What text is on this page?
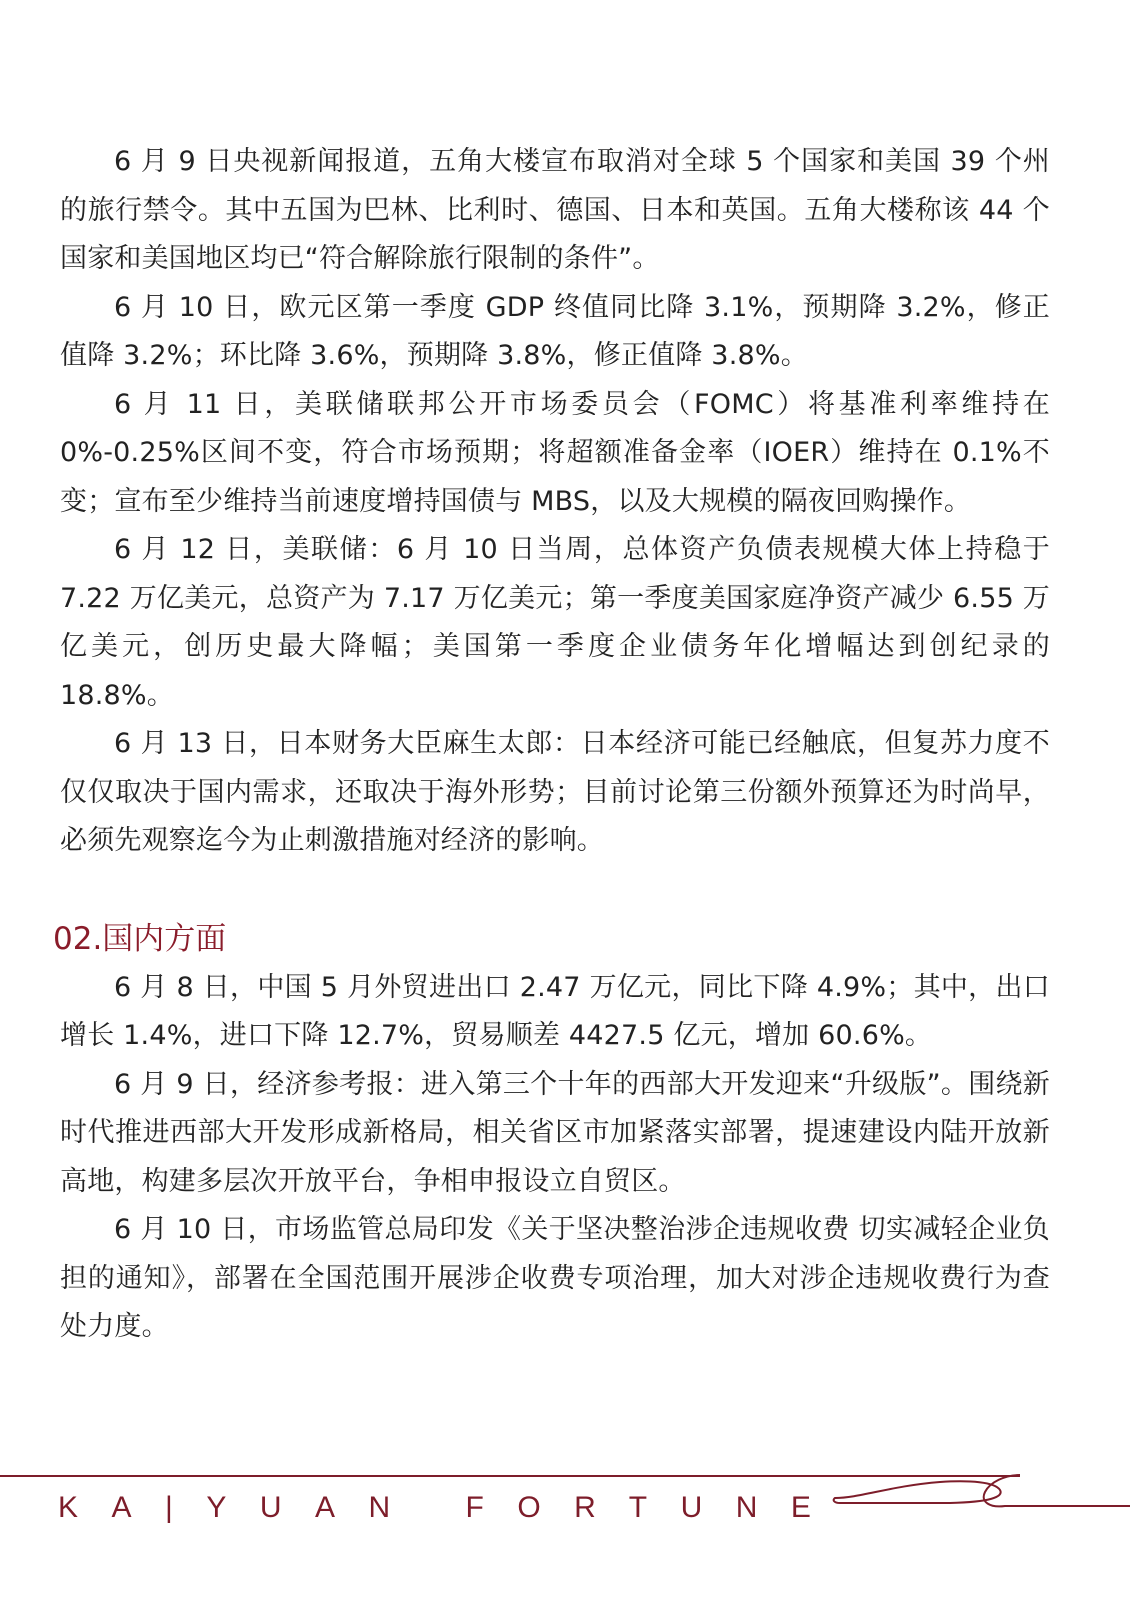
6 月 9 日央视新闻报道，五角大楼宣布取消对全球 5 个国家和美国 39 个州的旅行禁令。其中五国为巴林、比利时、德国、日本和英国。五角大楼称该 44 个国家和美国地区均已“符合解除旅行限制的条件”。

6 月 10 日，欧元区第一季度 GDP 终值同比降 3.1%，预期降 3.2%，修正值降 3.2%；环比降 3.6%，预期降 3.8%，修正值降 3.8%。

6 月 11 日，美联储联邦公开市场委员会（FOMC）将基准利率维持在 0%-0.25%区间不变，符合市场预期；将超额准备金率（IOER）维持在 0.1%不变；宣布至少维持当前速度增持国债与 MBS，以及大规模的隔夜回购操作。

6 月 12 日，美联储：6 月 10 日当周，总体资产负债表规模大体上持稳于 7.22 万亿美元，总资产为 7.17 万亿美元；第一季度美国家庭净资产减少 6.55 万亿美元，创历史最大降幅；美国第一季度企业债务年化增幅达到创纪录的 18.8%。

6 月 13 日，日本财务大臣麻生太郎：日本经济可能已经触底，但复苏力度不仅仅取决于国内需求，还取决于海外形势；目前讨论第三份额外预算还为时尚早，必须先观察迄今为止刺激措施对经济的影响。

02.国内方面

6 月 8 日，中国 5 月外贸进出口 2.47 万亿元，同比下降 4.9%；其中，出口增长 1.4%，进口下降 12.7%，贸易顺差 4427.5 亿元，增加 60.6%。

6 月 9 日，经济参考报：进入第三个十年的西部大开发迎来“升级版”。围绕新时代推进西部大开发形成新格局，相关省区市加紧落实部署，提速建设内陆开放新高地，构建多层次开放平台，争相申报设立自贸区。

6 月 10 日，市场监管总局印发《关于坚决整治涉企违规收费 切实减轻企业负担的通知》，部署在全国范围开展涉企收费专项治理，加大对涉企违规收费行为查处力度。

KA|YUAN FORTUNE
